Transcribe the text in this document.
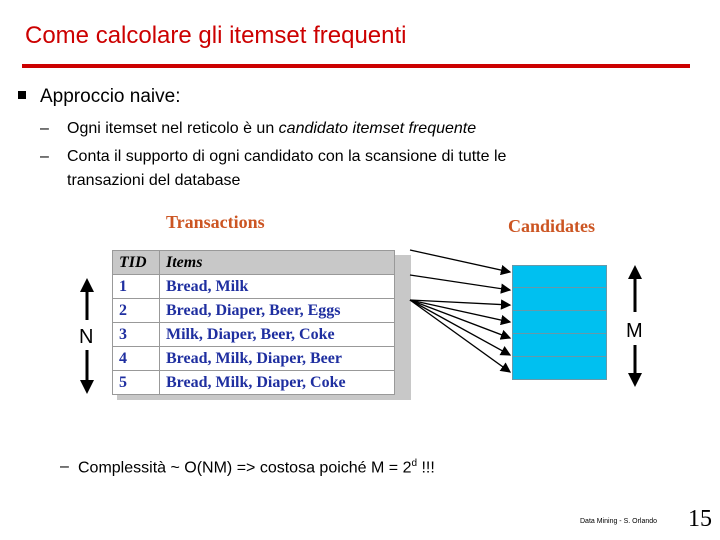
Come calcolare gli itemset frequenti
Approccio naive:
– Ogni itemset nel reticolo è un candidato itemset frequente
– Conta il supporto di ogni candidato con la scansione di tutte le
transazioni del database
Transactions	Candidates
TID	Items
1	Bread, Milk
2	Bread, Diaper, Beer, Eggs
3	Milk, Diaper, Beer, Coke
4	Bread, Milk, Diaper, Beer
5	Bread, Milk, Diaper, Coke
N	M
– Complessità ~ O(NM) => costosa poiché $M = 2^d$ !!!
Data Mining - S. Orlando 15
